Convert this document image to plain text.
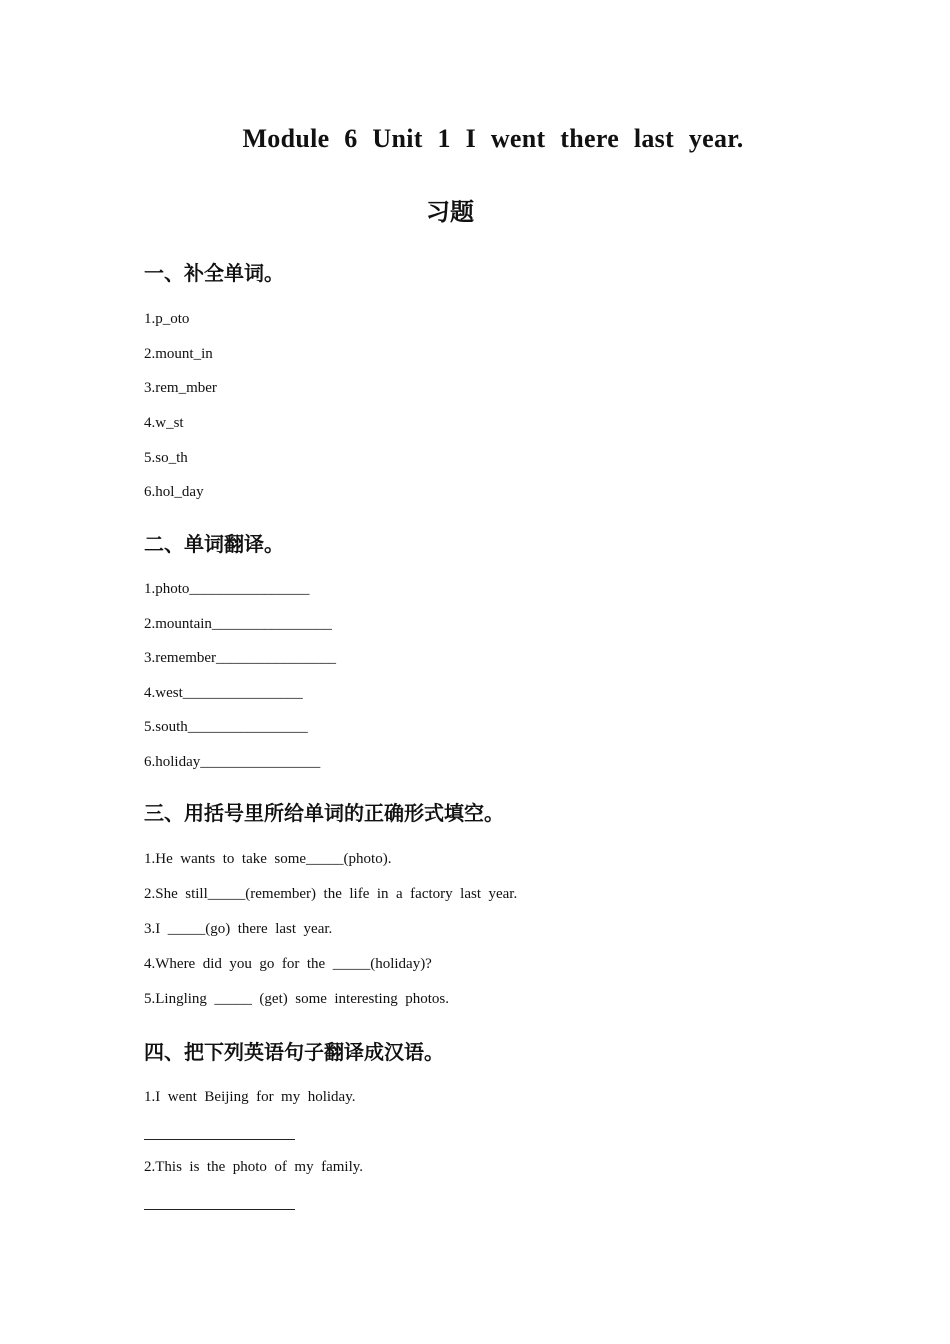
Module 6 Unit 1 I went there last year.
习题
一、补全单词。
1.p_oto
2.mount_in
3.rem_mber
4.w_st
5.so_th
6.hol_day
二、单词翻译。
1.photo________________
2.mountain________________
3.remember________________
4.west________________
5.south________________
6.holiday________________
三、用括号里所给单词的正确形式填空。
1.He  wants  to  take  some_____(photo).
2.She  still_____(remember)  the  life  in  a  factory  last  year.
3.I  _____(go)  there  last  year.
4.Where  did  you  go  for  the  _____(holiday)?
5.Lingling  _____  (get)  some  interesting  photos.
四、把下列英语句子翻译成汉语。
1.I  went  Beijing  for  my  holiday.
2.This  is  the  photo  of  my  family.
